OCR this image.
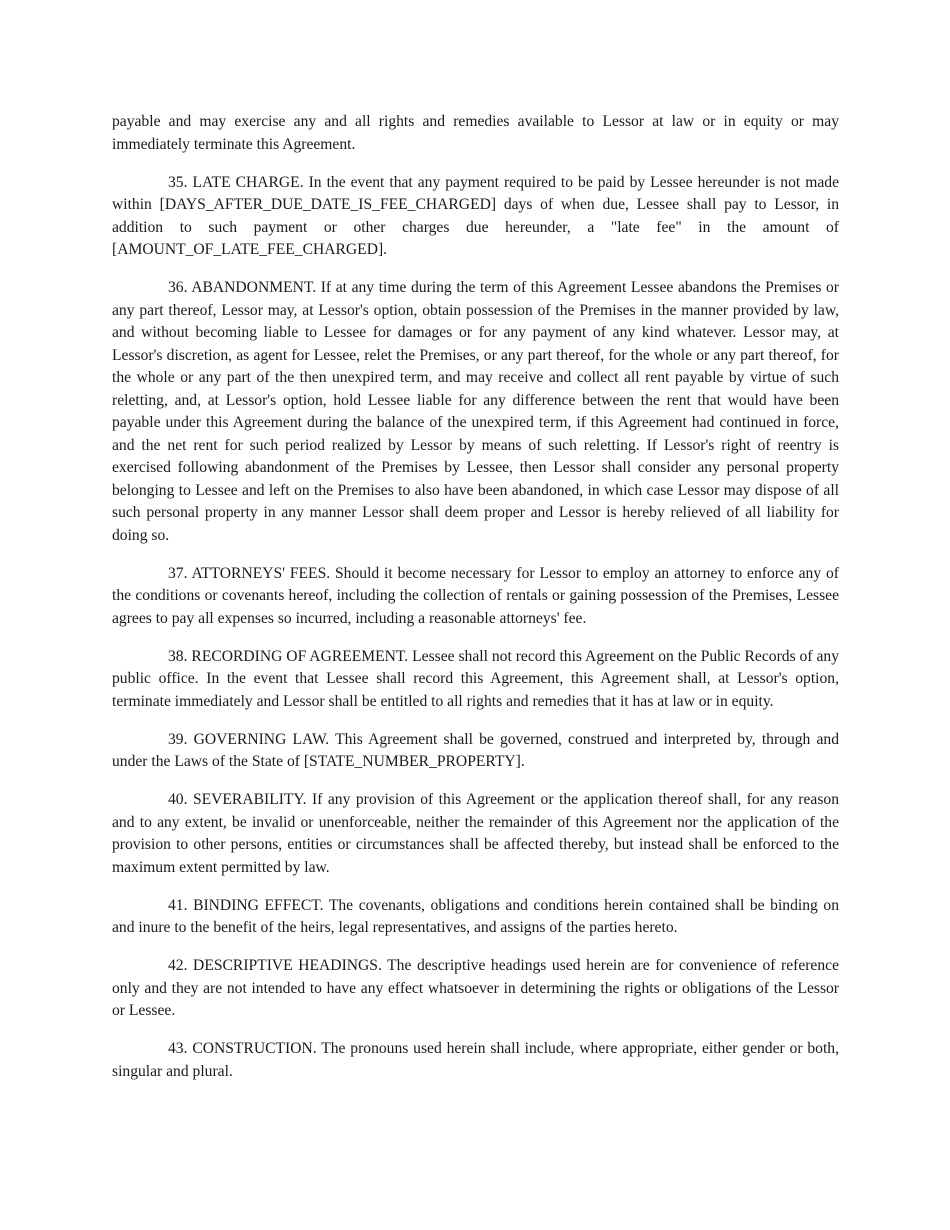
payable and may exercise any and all rights and remedies available to Lessor at law or in equity or may immediately terminate this Agreement.

35. LATE CHARGE. In the event that any payment required to be paid by Lessee hereunder is not made within [DAYS_AFTER_DUE_DATE_IS_FEE_CHARGED] days of when due, Lessee shall pay to Lessor, in addition to such payment or other charges due hereunder, a "late fee" in the amount of [AMOUNT_OF_LATE_FEE_CHARGED].

36. ABANDONMENT. If at any time during the term of this Agreement Lessee abandons the Premises or any part thereof, Lessor may, at Lessor's option, obtain possession of the Premises in the manner provided by law, and without becoming liable to Lessee for damages or for any payment of any kind whatever. Lessor may, at Lessor's discretion, as agent for Lessee, relet the Premises, or any part thereof, for the whole or any part thereof, for the whole or any part of the then unexpired term, and may receive and collect all rent payable by virtue of such reletting, and, at Lessor's option, hold Lessee liable for any difference between the rent that would have been payable under this Agreement during the balance of the unexpired term, if this Agreement had continued in force, and the net rent for such period realized by Lessor by means of such reletting. If Lessor's right of reentry is exercised following abandonment of the Premises by Lessee, then Lessor shall consider any personal property belonging to Lessee and left on the Premises to also have been abandoned, in which case Lessor may dispose of all such personal property in any manner Lessor shall deem proper and Lessor is hereby relieved of all liability for doing so.

37. ATTORNEYS' FEES. Should it become necessary for Lessor to employ an attorney to enforce any of the conditions or covenants hereof, including the collection of rentals or gaining possession of the Premises, Lessee agrees to pay all expenses so incurred, including a reasonable attorneys' fee.

38. RECORDING OF AGREEMENT. Lessee shall not record this Agreement on the Public Records of any public office. In the event that Lessee shall record this Agreement, this Agreement shall, at Lessor's option, terminate immediately and Lessor shall be entitled to all rights and remedies that it has at law or in equity.

39. GOVERNING LAW. This Agreement shall be governed, construed and interpreted by, through and under the Laws of the State of [STATE_NUMBER_PROPERTY].

40. SEVERABILITY. If any provision of this Agreement or the application thereof shall, for any reason and to any extent, be invalid or unenforceable, neither the remainder of this Agreement nor the application of the provision to other persons, entities or circumstances shall be affected thereby, but instead shall be enforced to the maximum extent permitted by law.

41. BINDING EFFECT. The covenants, obligations and conditions herein contained shall be binding on and inure to the benefit of the heirs, legal representatives, and assigns of the parties hereto.

42. DESCRIPTIVE HEADINGS. The descriptive headings used herein are for convenience of reference only and they are not intended to have any effect whatsoever in determining the rights or obligations of the Lessor or Lessee.

43. CONSTRUCTION. The pronouns used herein shall include, where appropriate, either gender or both, singular and plural.
